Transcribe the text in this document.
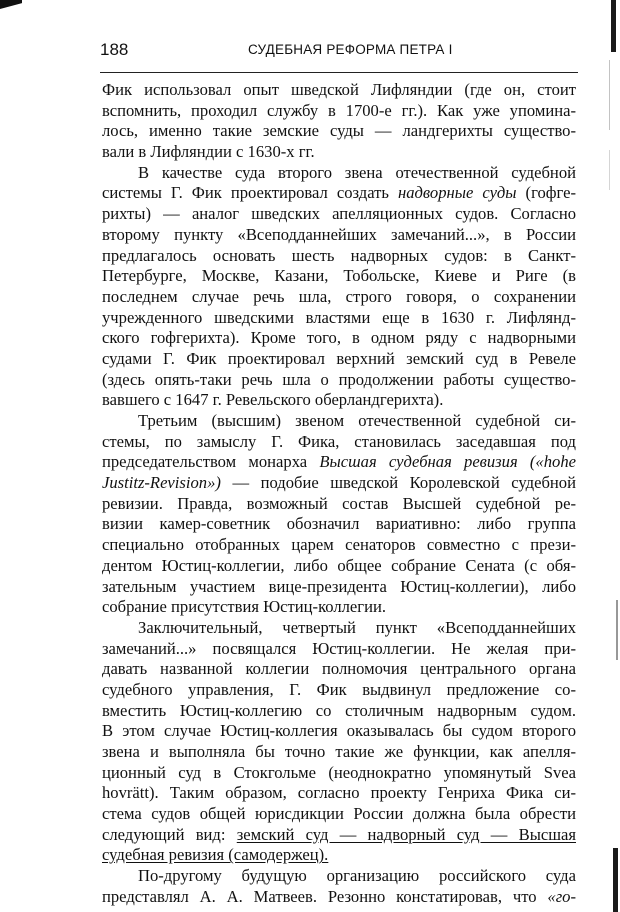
188	СУДЕБНАЯ РЕФОРМА ПЕТРА I
Фик использовал опыт шведской Лифляндии (где он, стоит
вспомнить, проходил службу в 1700-е гг.). Как уже упомина-
лось, именно такие земские суды — ландгерихты существо-
вали в Лифляндии с 1630-х гг.
В качестве суда второго звена отечественной судебной
системы Г. Фик проектировал создать надворные суды (гофге-
рихты) — аналог шведских апелляционных судов. Согласно
второму пункту «Всеподданнейших замечаний...», в России
предлагалось основать шесть надворных судов: в Санкт-
Петербурге, Москве, Казани, Тобольске, Киеве и Риге (в
последнем случае речь шла, строго говоря, о сохранении
учрежденного шведскими властями еще в 1630 г. Лифлянд-
ского гофгерихта). Кроме того, в одном ряду с надворными
судами Г. Фик проектировал верхний земский суд в Ревеле
(здесь опять-таки речь шла о продолжении работы существо-
вавшего с 1647 г. Ревельского оберландгерихта).
Третьим (высшим) звеном отечественной судебной си-
стемы, по замыслу Г. Фика, становилась заседавшая под
председательством монарха Высшая судебная ревизия («hohe
Justitz-Revision») — подобие шведской Королевской судебной
ревизии. Правда, возможный состав Высшей судебной ре-
визии камер-советник обозначил вариативно: либо группа
специально отобранных царем сенаторов совместно с прези-
дентом Юстиц-коллегии, либо общее собрание Сената (с обя-
зательным участием вице-президента Юстиц-коллегии), либо
собрание присутствия Юстиц-коллегии.
Заключительный, четвертый пункт «Всеподданнейших
замечаний...» посвящался Юстиц-коллегии. Не желая при-
давать названной коллегии полномочия центрального органа
судебного управления, Г. Фик выдвинул предложение со-
вместить Юстиц-коллегию со столичным надворным судом.
В этом случае Юстиц-коллегия оказывалась бы судом второго
звена и выполняла бы точно такие же функции, как апелля-
ционный суд в Стокгольме (неоднократно упомянутый Svea
hovrätt). Таким образом, согласно проекту Генриха Фика си-
стема судов общей юрисдикции России должна была обрести
следующий вид: земский суд — надворный суд — Высшая
судебная ревизия (самодержец).
По-другому будущую организацию российского суда
представлял А. А. Матвеев. Резонно констатировав, что «го-
